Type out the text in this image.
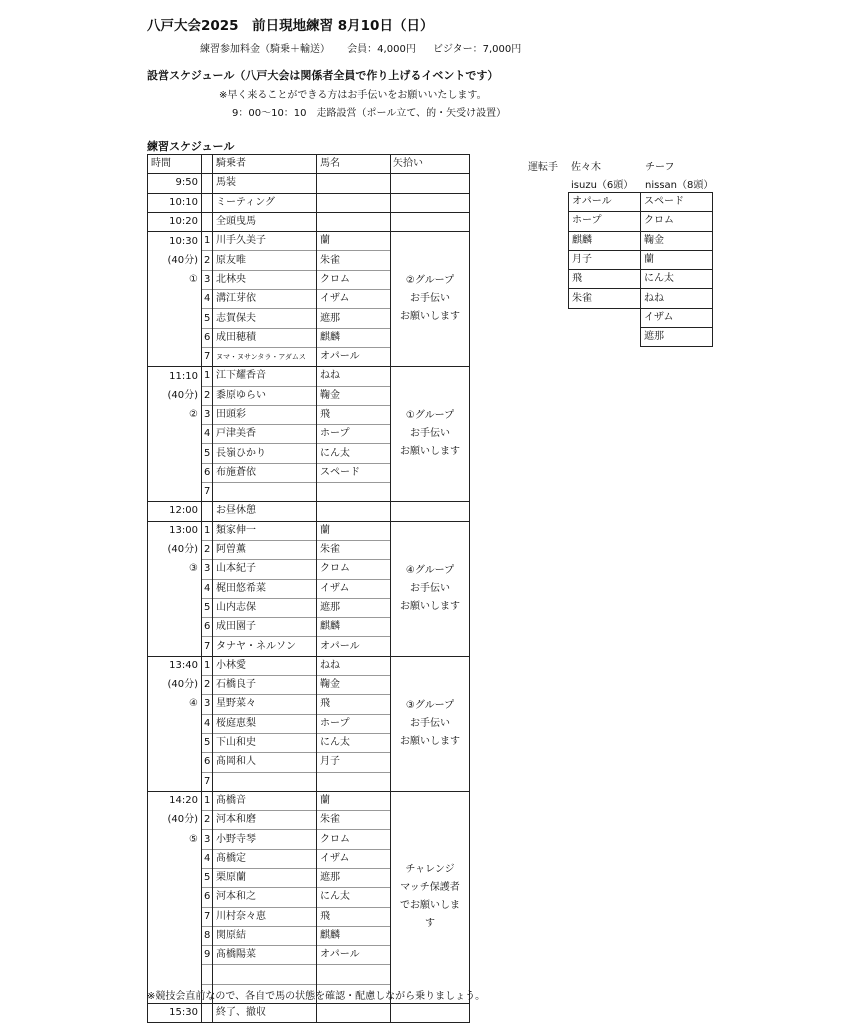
八戸大会2025　前日現地練習 8月10日（日）
練習参加料金（騎乗＋輸送） 会員：4,000円 ビジター：7,000円
設営スケジュール（八戸大会は関係者全員で作り上げるイベントです）
※早く来ることができる方はお手伝いをお願いいたします。
9：00〜10：10　走路設営（ポール立て、的・矢受け設置）
練習スケジュール
時間		騎乗者	馬名	矢拾い
9:50		馬装		
10:10		ミーティング		
10:20		全頭曳馬		
10:30	1	川手久美子	蘭	②グループ
お手伝い
お願いします

(40分)	2	原友唯	朱雀	
①	3	北林央	クロム	
	4	溝江芽依	イザム	
	5	志賀保夫	遮那	
	6	成田穂積	麒麟	
	7	ヌマ・ヌサンタラ・アダムス	オパール	
11:10	1	江下耀香音	ねね	①グループ
お手伝い
お願いします

(40分)	2	黍原ゆらい	鞠金	
②	3	田頭彩	飛	
	4	戸津美香	ホープ	
	5	長嶺ひかり	にん太	
	6	布施蒼依	スペード	
	7			
12:00		お昼休憩		
13:00	1	類家伸一	蘭	④グループ
お手伝い
お願いします

(40分)	2	阿曽薫	朱雀	
③	3	山本紀子	クロム	
	4	梶田悠希菜	イザム	
	5	山内志保	遮那	
	6	成田園子	麒麟	
	7	タナヤ・ネルソン	オパール	
13:40	1	小林愛	ねね	③グループ
お手伝い
お願いします

(40分)	2	石橋良子	鞠金	
④	3	星野菜々	飛	
	4	桜庭恵梨	ホープ	
	5	下山和史	にん太	
	6	髙岡和人	月子	
	7			
14:20	1	髙橋音	蘭	チャレンジ
マッチ保護者
でお願いしま
す

(40分)	2	河本和磨	朱雀	
⑤	3	小野寺琴	クロム	
	4	髙橋定	イザム	
	5	栗原蘭	遮那	
	6	河本和之	にん太	
	7	川村奈々恵	飛	
	8	関原結	麒麟	
	9	髙橋陽菜	オパール	

15:30		終了、撤収		
運転手 佐々木	チーフ
isuzu（6頭） nissan（8頭）
オパール	スペード
ホープ	クロム
麒麟	鞠金
月子	蘭
飛	にん太
朱雀	ねね
	イザム
	遮那
※競技会直前なので、各自で馬の状態を確認・配慮しながら乗りましょう。
